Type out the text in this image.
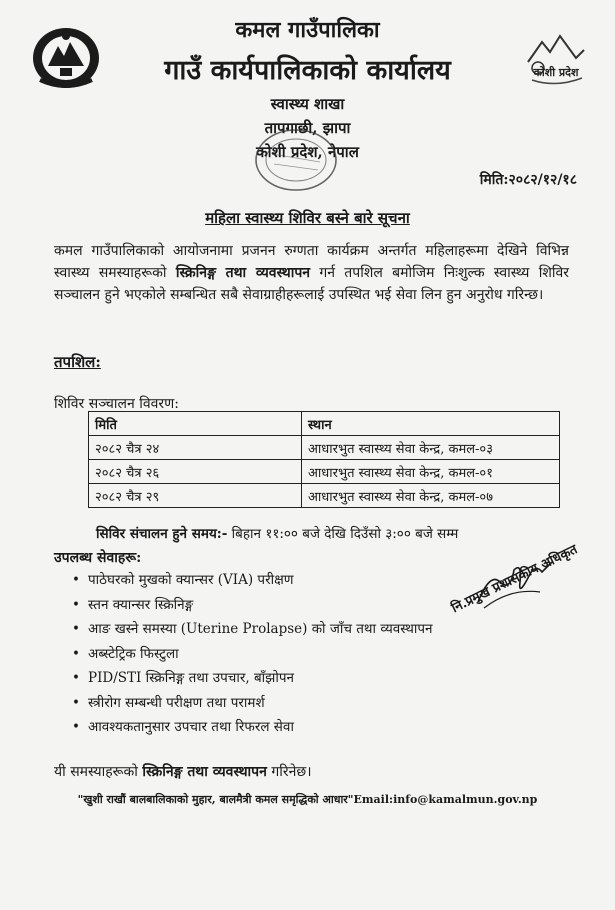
कमल गाउँपालिका
गाउँ कार्यपालिकाको कार्यालय
स्वास्थ्य शाखा
तापगाछी, झापा
कोशी प्रदेश, नेपाल
कोशी प्रदेश
मिति:२०८२/१२/१८
महिला स्वास्थ्य शिविर बस्ने बारे सूचना
कमल गाउँपालिकाको आयोजनामा प्रजनन रुग्णता कार्यक्रम अन्तर्गत महिलाहरूमा देखिने विभिन्न स्वास्थ्य समस्याहरूको स्क्रिनिङ्ग तथा व्यवस्थापन गर्न तपशिल बमोजिम निःशुल्क स्वास्थ्य शिविर सञ्चालन हुने भएकोले सम्बन्धित सबै सेवाग्राहीहरूलाई उपस्थित भई सेवा लिन हुन अनुरोध गरिन्छ।
तपशिल:
शिविर सञ्चालन विवरण:
मिति	स्थान
२०८२ चैत्र २४	आधारभुत स्वास्थ्य सेवा केन्द्र, कमल-०३
२०८२ चैत्र २६	आधारभुत स्वास्थ्य सेवा केन्द्र, कमल-०१
२०८२ चैत्र २९	आधारभुत स्वास्थ्य सेवा केन्द्र, कमल-०७
सिविर संचालन हुने समय:- बिहान ११:०० बजे देखि दिउँसो ३:०० बजे सम्म
उपलब्ध सेवाहरू:
• पाठेघरको मुखको क्यान्सर (VIA) परीक्षण
• स्तन क्यान्सर स्क्रिनिङ्ग
• आङ खस्ने समस्या (Uterine Prolapse) को जाँच तथा व्यवस्थापन
• अब्स्टेट्रिक फिस्टुला
• PID/STI स्क्रिनिङ्ग तथा उपचार, बाँझोपन
• स्त्रीरोग सम्बन्धी परीक्षण तथा परामर्श
• आवश्यकतानुसार उपचार तथा रिफरल सेवा
नि.प्रमुख प्रशासकीय अधिकृत
यी समस्याहरूको स्क्रिनिङ्ग तथा व्यवस्थापन गरिनेछ।
"खुशी राखौं बालबालिकाको मुहार, बालमैत्री कमल समृद्धिको आधार"Email:info@kamalmun.gov.np
